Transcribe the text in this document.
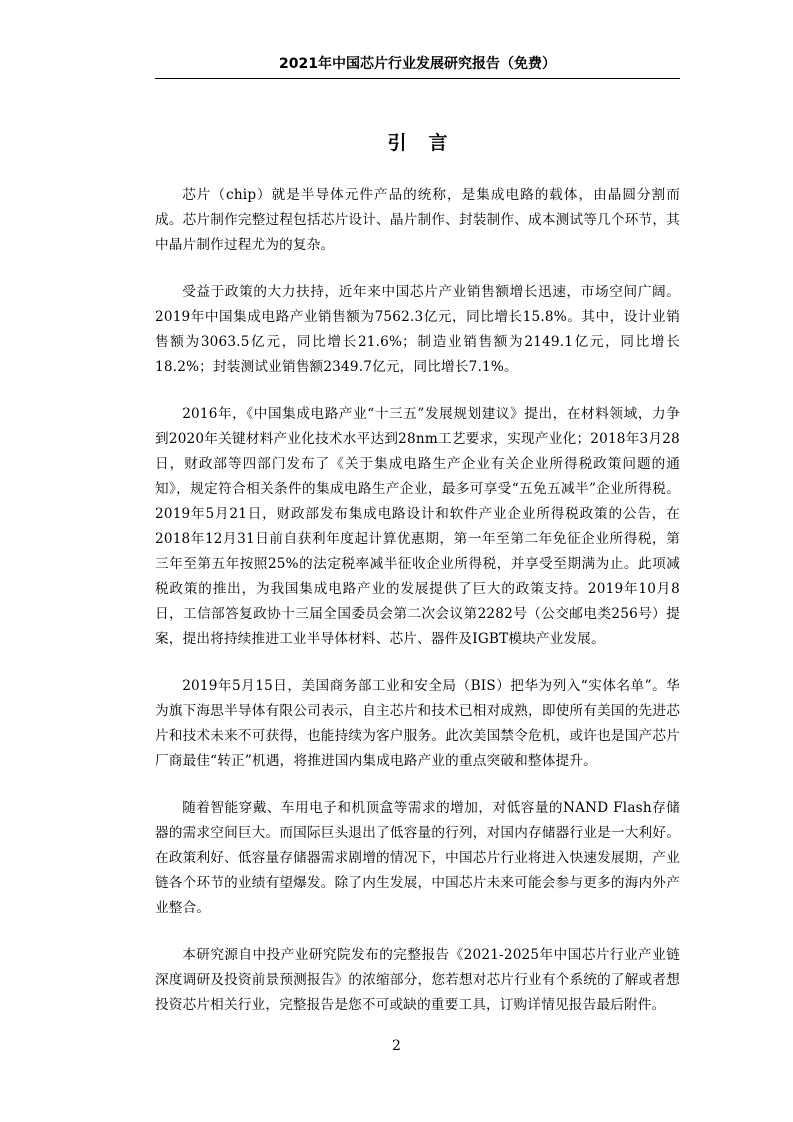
2021年中国芯片行业发展研究报告（免费）
引言

芯片（chip）就是半导体元件产品的统称，是集成电路的载体，由晶圆分割而成。芯片制作完整过程包括芯片设计、晶片制作、封装制作、成本测试等几个环节，其中晶片制作过程尤为的复杂。

受益于政策的大力扶持，近年来中国芯片产业销售额增长迅速，市场空间广阔。2019年中国集成电路产业销售额为7562.3亿元，同比增长15.8%。其中，设计业销售额为3063.5亿元，同比增长21.6%；制造业销售额为2149.1亿元，同比增长18.2%；封装测试业销售额2349.7亿元，同比增长7.1%。

2016年，《中国集成电路产业“十三五”发展规划建议》提出，在材料领域，力争到2020年关键材料产业化技术水平达到28nm工艺要求，实现产业化；2018年3月28日，财政部等四部门发布了《关于集成电路生产企业有关企业所得税政策问题的通知》，规定符合相关条件的集成电路生产企业，最多可享受“五免五减半”企业所得税。2019年5月21日，财政部发布集成电路设计和软件产业企业所得税政策的公告，在2018年12月31日前自获利年度起计算优惠期，第一年至第二年免征企业所得税，第三年至第五年按照25%的法定税率减半征收企业所得税，并享受至期满为止。此项减税政策的推出，为我国集成电路产业的发展提供了巨大的政策支持。2019年10月8日，工信部答复政协十三届全国委员会第二次会议第2282号（公交邮电类256号）提案，提出将持续推进工业半导体材料、芯片、器件及IGBT模块产业发展。

2019年5月15日，美国商务部工业和安全局（BIS）把华为列入“实体名单”。华为旗下海思半导体有限公司表示，自主芯片和技术已相对成熟，即使所有美国的先进芯片和技术未来不可获得，也能持续为客户服务。此次美国禁令危机，或许也是国产芯片厂商最佳“转正”机遇，将推进国内集成电路产业的重点突破和整体提升。

随着智能穿戴、车用电子和机顶盒等需求的增加，对低容量的NAND Flash存储器的需求空间巨大。而国际巨头退出了低容量的行列，对国内存储器行业是一大利好。在政策利好、低容量存储器需求剧增的情况下，中国芯片行业将进入快速发展期，产业链各个环节的业绩有望爆发。除了内生发展，中国芯片未来可能会参与更多的海内外产业整合。

本研究源自中投产业研究院发布的完整报告《2021-2025年中国芯片行业产业链深度调研及投资前景预测报告》的浓缩部分，您若想对芯片行业有个系统的了解或者想投资芯片相关行业，完整报告是您不可或缺的重要工具，订购详情见报告最后附件。

2
